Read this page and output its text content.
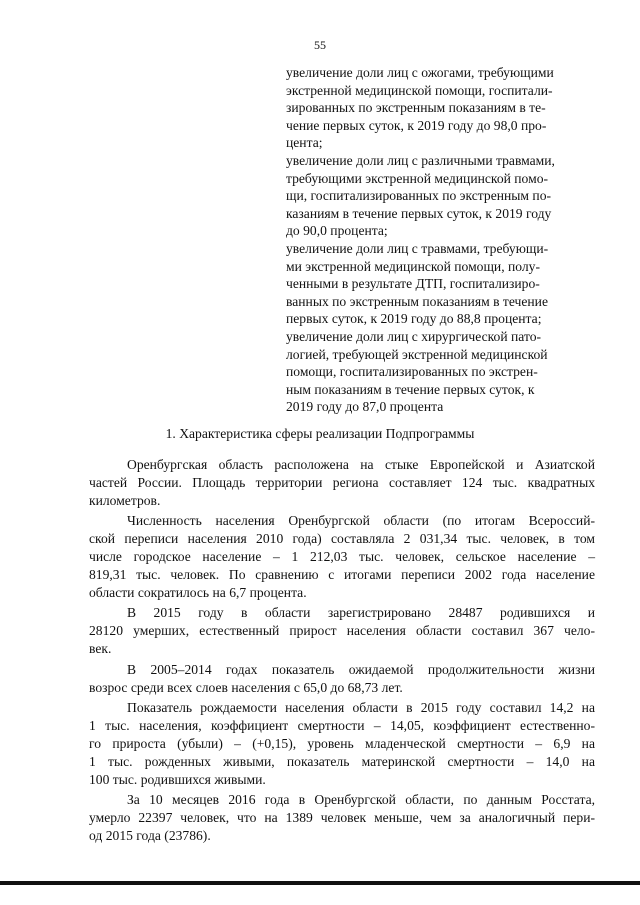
55
увеличение доли лиц с ожогами, требующими
экстренной медицинской помощи, госпитали-
зированных по экстренным показаниям в те-
чение первых суток, к 2019 году до 98,0 про-
цента;
увеличение доли лиц с различными травмами,
требующими экстренной медицинской помо-
щи, госпитализированных по экстренным по-
казаниям в течение первых суток, к 2019 году
до 90,0 процента;
увеличение доли лиц с травмами, требующи-
ми экстренной медицинской помощи, полу-
ченными в результате ДТП, госпитализиро-
ванных по экстренным показаниям в течение
первых суток, к 2019 году до 88,8 процента;
увеличение доли лиц с хирургической пато-
логией, требующей экстренной медицинской
помощи, госпитализированных по экстрен-
ным показаниям в течение первых суток, к
2019 году до 87,0 процента
1. Характеристика сферы реализации Подпрограммы
Оренбургская область расположена на стыке Европейской и Азиатской
частей России. Площадь территории региона составляет 124 тыс. квадратных
километров.
Численность населения Оренбургской области (по итогам Всероссий-
ской переписи населения 2010 года) составляла 2 031,34 тыс. человек, в том
числе городское население – 1 212,03 тыс. человек, сельское население –
819,31 тыс. человек. По сравнению с итогами переписи 2002 года население
области сократилось на 6,7 процента.
В 2015 году в области зарегистрировано 28487 родившихся и
28120 умерших, естественный прирост населения области составил 367 чело-
век.
В 2005–2014 годах показатель ожидаемой продолжительности жизни
возрос среди всех слоев населения с 65,0 до 68,73 лет.
Показатель рождаемости населения области в 2015 году составил 14,2 на
1 тыс. населения, коэффициент смертности – 14,05, коэффициент естественно-
го прироста (убыли) – (+0,15), уровень младенческой смертности – 6,9 на
1 тыс. рожденных живыми, показатель материнской смертности – 14,0 на
100 тыс. родившихся живыми.
За 10 месяцев 2016 года в Оренбургской области, по данным Росстата,
умерло 22397 человек, что на 1389 человек меньше, чем за аналогичный пери-
од 2015 года (23786).
